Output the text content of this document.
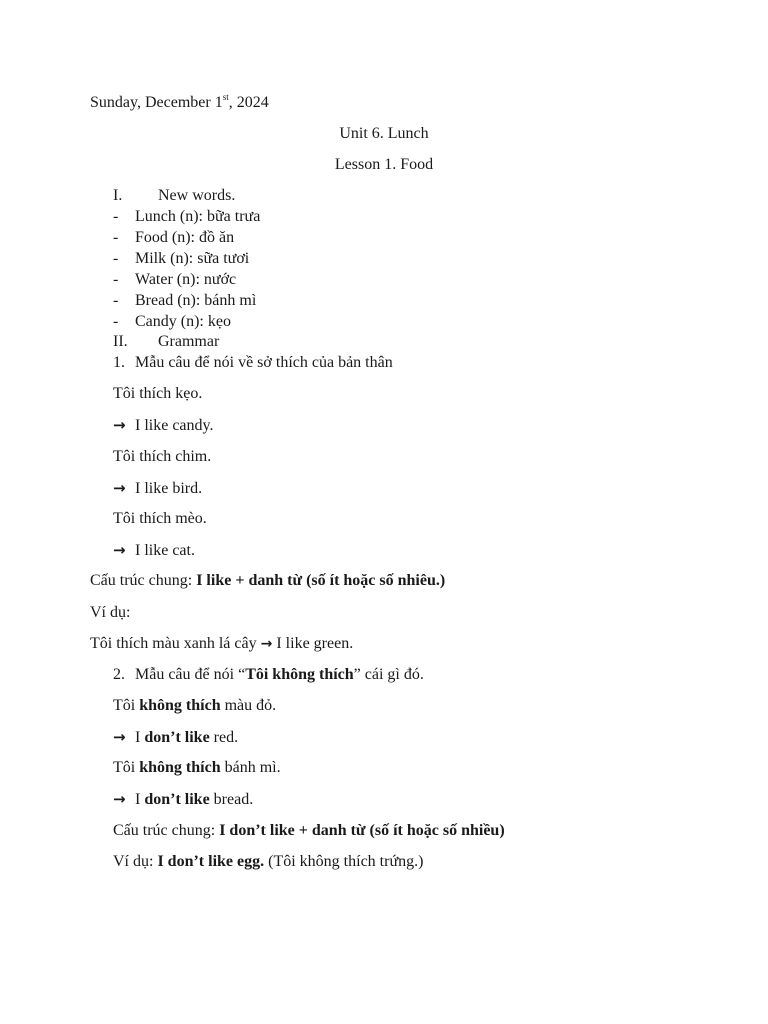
Sunday, December 1st, 2024
Unit 6. Lunch
Lesson 1. Food
I. New words.
- Lunch (n): bữa trưa
- Food (n): đồ ăn
- Milk (n): sữa tươi
- Water (n): nước
- Bread (n): bánh mì
- Candy (n): kẹo
II. Grammar
1. Mẫu câu để nói về sở thích của bản thân
Tôi thích kẹo.
→ I like candy.
Tôi thích chim.
→ I like bird.
Tôi thích mèo.
→ I like cat.
Cấu trúc chung: I like + danh từ (số ít hoặc số nhiêu.)
Ví dụ:
Tôi thích màu xanh lá cây → I like green.
2. Mẫu câu để nói “Tôi không thích” cái gì đó.
Tôi không thích màu đỏ.
→ I don’t like red.
Tôi không thích bánh mì.
→ I don’t like bread.
Cấu trúc chung: I don’t like + danh từ (số ít hoặc số nhiều)
Ví dụ: I don’t like egg. (Tôi không thích trứng.)
